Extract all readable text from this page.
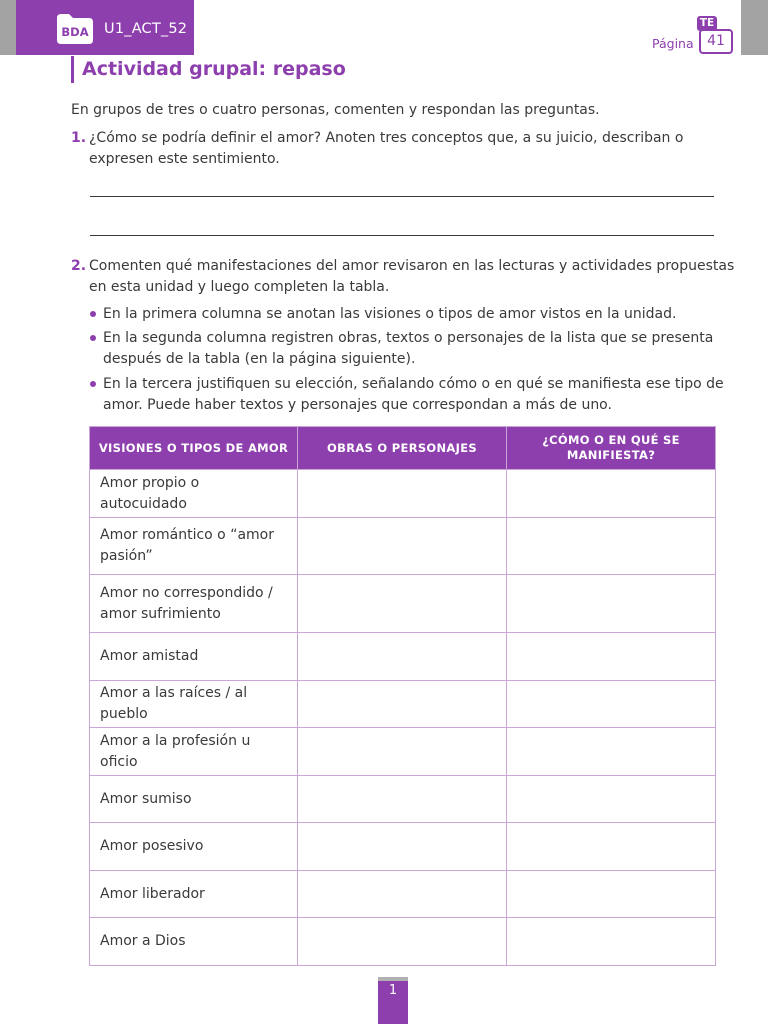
BDA U1_ACT_52
Página 41
TE
Actividad grupal: repaso
En grupos de tres o cuatro personas, comenten y respondan las preguntas.
1. ¿Cómo se podría definir el amor? Anoten tres conceptos que, a su juicio, describan o
expresen este sentimiento.
2. Comenten qué manifestaciones del amor revisaron en las lecturas y actividades propuestas
en esta unidad y luego completen la tabla.
En la primera columna se anotan las visiones o tipos de amor vistos en la unidad.
En la segunda columna registren obras, textos o personajes de la lista que se presenta
después de la tabla (en la página siguiente).
En la tercera justifiquen su elección, señalando cómo o en qué se manifiesta ese tipo de
amor. Puede haber textos y personajes que correspondan a más de uno.
VISIONES O TIPOS DE AMOR	OBRAS O PERSONAJES	¿CÓMO O EN QUÉ SE MANIFIESTA?
Amor propio o autocuidado		
Amor romántico o “amor
pasión”		
Amor no correspondido /
amor sufrimiento		
Amor amistad		
Amor a las raíces / al pueblo		
Amor a la profesión u oficio		
Amor sumiso		
Amor posesivo		
Amor liberador		
Amor a Dios		
1
